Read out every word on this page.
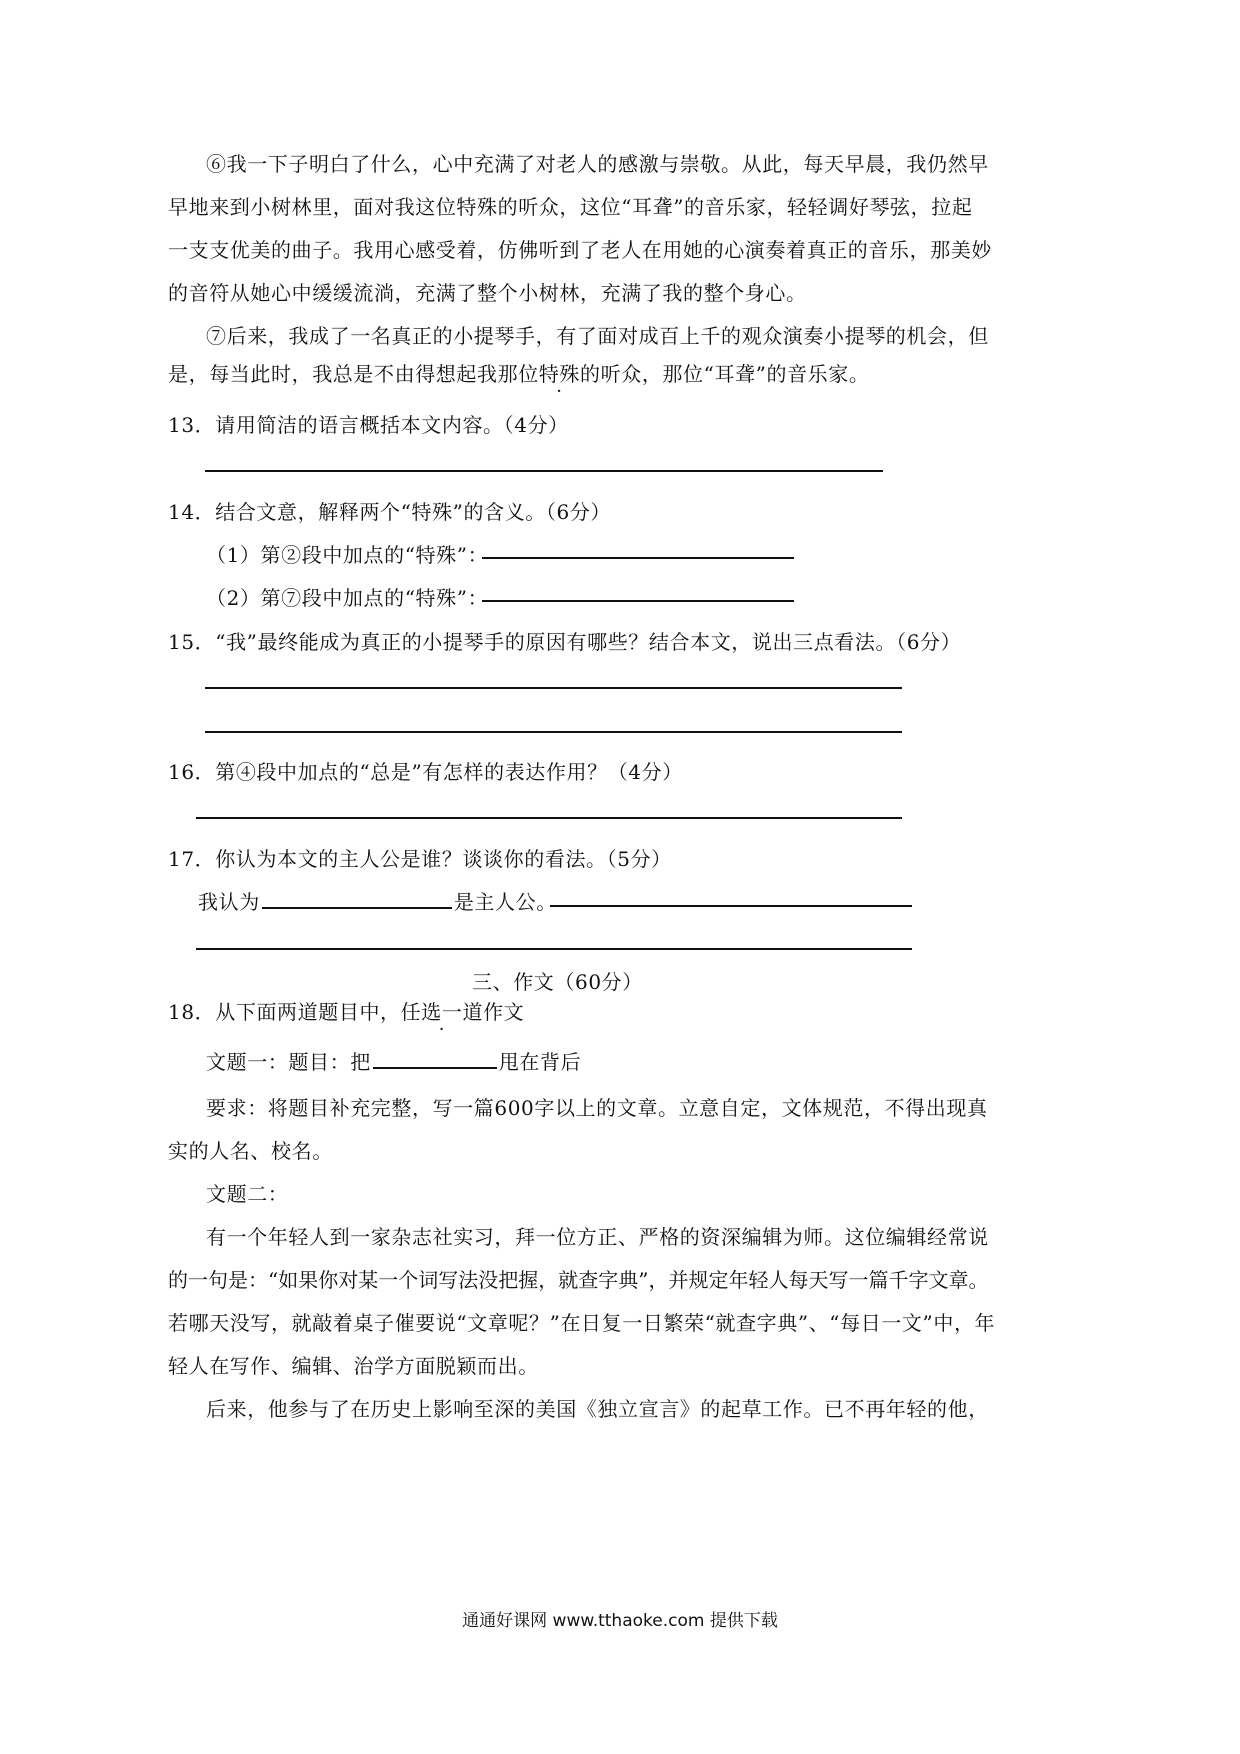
⑥我一下子明白了什么，心中充满了对老人的感激与崇敬。从此，每天早晨，我仍然早
早地来到小树林里，面对我这位特殊的听众，这位“耳聋”的音乐家，轻轻调好琴弦，拉起
一支支优美的曲子。我用心感受着，仿佛听到了老人在用她的心演奏着真正的音乐，那美妙
的音符从她心中缓缓流淌，充满了整个小树林，充满了我的整个身心。
⑦后来，我成了一名真正的小提琴手，有了面对成百上千的观众演奏小提琴的机会，但
是，每当此时，我总是不由得想起我那位特殊的听众，那位“耳聋”的音乐家。
13．请用简洁的语言概括本文内容。（4分）
14．结合文意，解释两个“特殊”的含义。（6分）
（1）第②段中加点的“特殊”：
（2）第⑦段中加点的“特殊”：
15．“我”最终能成为真正的小提琴手的原因有哪些？结合本文，说出三点看法。（6分）
16．第④段中加点的“总是”有怎样的表达作用？（4分）
17．你认为本文的主人公是谁？谈谈你的看法。（5分）
我认为	是主人公。
三、作文（60分）
18．从下面两道题目中，任选一道作文
文题一：题目：把	甩在背后
要求：将题目补充完整，写一篇600字以上的文章。立意自定，文体规范，不得出现真
实的人名、校名。
文题二：
有一个年轻人到一家杂志社实习，拜一位方正、严格的资深编辑为师。这位编辑经常说
的一句是：“如果你对某一个词写法没把握，就查字典”，并规定年轻人每天写一篇千字文章。
若哪天没写，就敲着桌子催要说“文章呢？”在日复一日繁荣“就查字典”、“每日一文”中，年
轻人在写作、编辑、治学方面脱颖而出。
后来，他参与了在历史上影响至深的美国《独立宣言》的起草工作。已不再年轻的他，
通通好课网 www.tthaoke.com 提供下载
